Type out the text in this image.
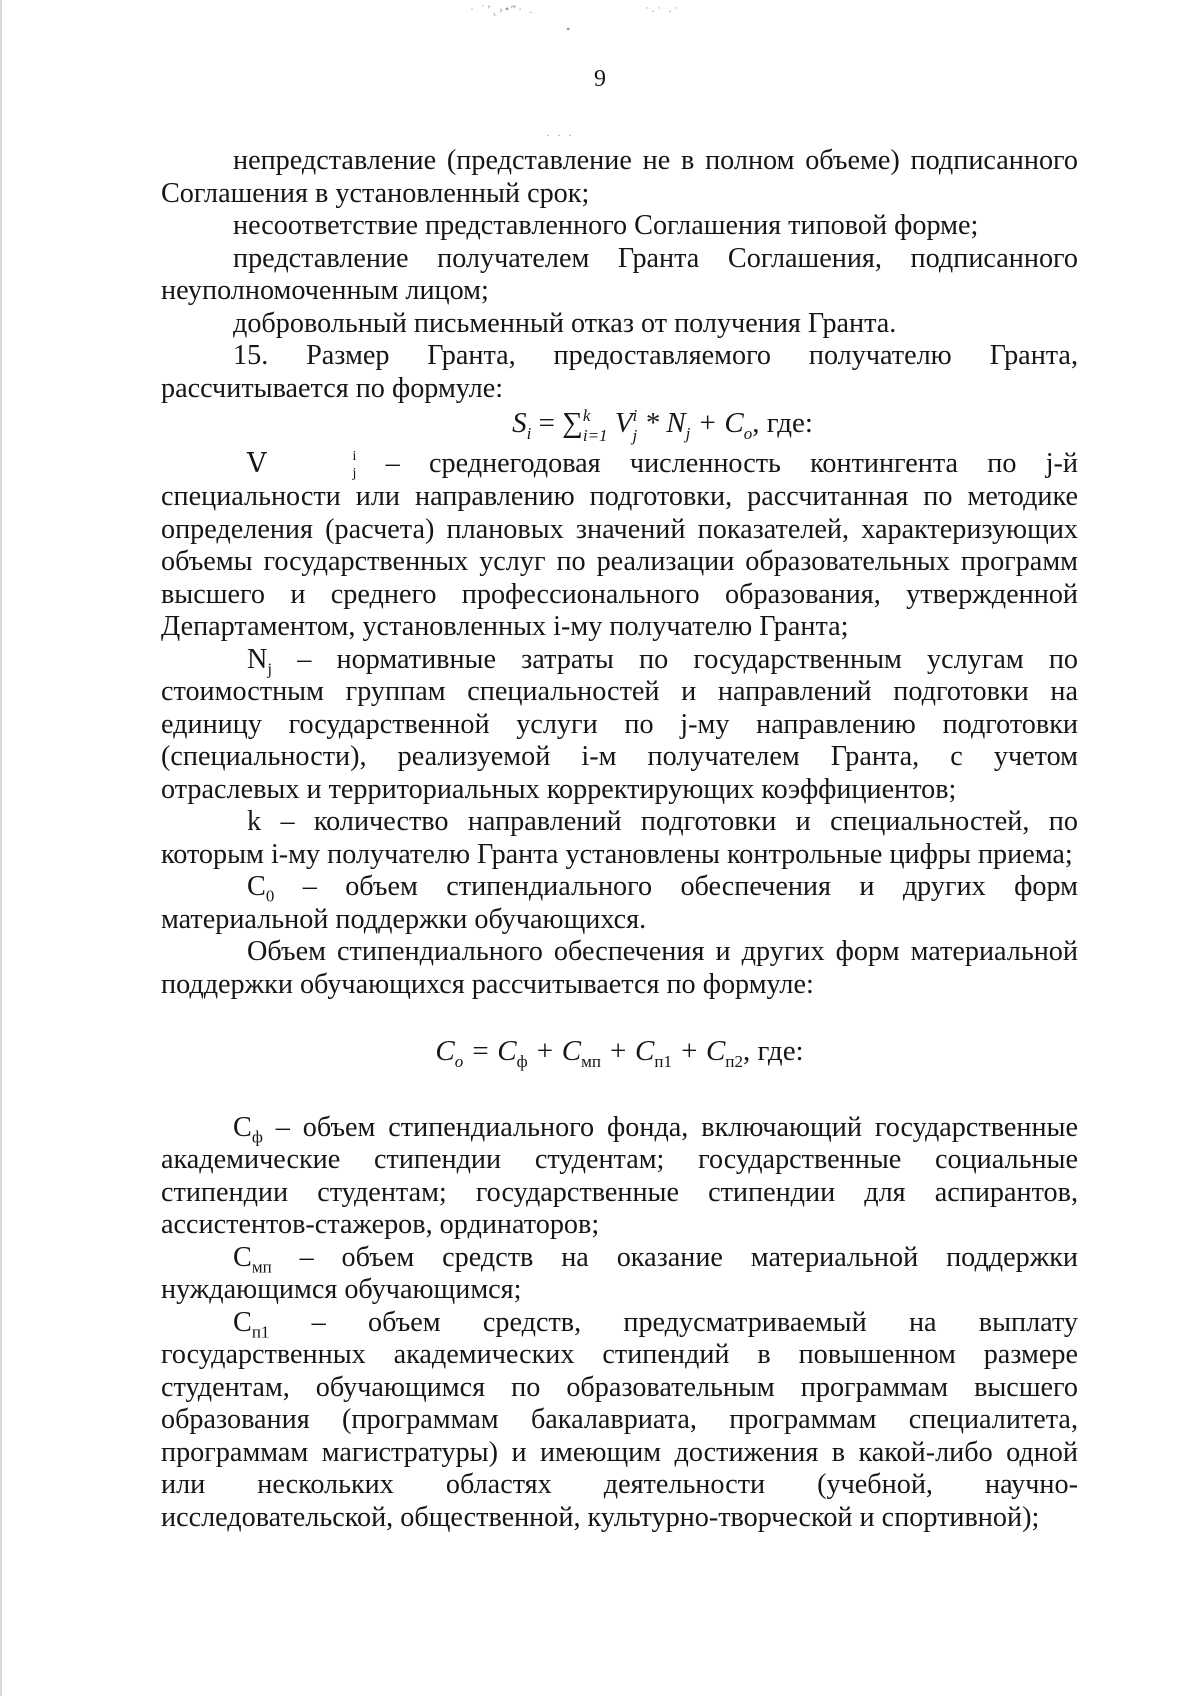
· ˙’˛›•‴· .	˙·˙ ·˙
•
· · ·
9

непредставление (представление не в полном объеме) подписанного Соглашения в установленный срок;

несоответствие представленного Соглашения типовой форме;

представление получателем Гранта Соглашения, подписанного неуполномоченным лицом;

добровольный письменный отказ от получения Гранта.

15. Размер Гранта, предоставляемого получателю Гранта, рассчитывается по формуле:

$S_i$ = ∑ k
i=1 V i
$j * N_j + C_o$, где:

V	i
j – среднегодовая численность контингента по j-й специальности или направлению подготовки, рассчитанная по методике определения (расчета) плановых значений показателей, характеризующих объемы государственных услуг по реализации образовательных программ высшего и среднего профессионального образования, утвержденной Департаментом, установленных i-му получателю Гранта;

$N_j$ – нормативные затраты по государственным услугам по стоимостным группам специальностей и направлений подготовки на единицу государственной услуги по j-му направлению подготовки (специальности), реализуемой i-м получателем Гранта, с учетом отраслевых и территориальных корректирующих коэффициентов;

k – количество направлений подготовки и специальностей, по которым i-му получателю Гранта установлены контрольные цифры приема;

$С_0$ – объем стипендиального обеспечения и других форм материальной поддержки обучающихся.

Объем стипендиального обеспечения и других форм материальной поддержки обучающихся рассчитывается по формуле:

$C_o = C_ф + C_{мп} + C_{п1} + C_{п2}$, где:

$С_ф$ – объем стипендиального фонда, включающий государственные академические стипендии студентам; государственные социальные стипендии студентам; государственные стипендии для аспирантов, ассистентов-стажеров, ординаторов;

$С_{мп}$ – объем средств на оказание материальной поддержки нуждающимся обучающимся;

$С_{п1}$ – объем средств, предусматриваемый на выплату государственных академических стипендий в повышенном размере студентам, обучающимся по образовательным программам высшего образования (программам бакалавриата, программам специалитета, программам магистратуры) и имеющим достижения в какой-либо одной или нескольких областях деятельности (учебной, научно-исследовательской, общественной, культурно-творческой и спортивной);
